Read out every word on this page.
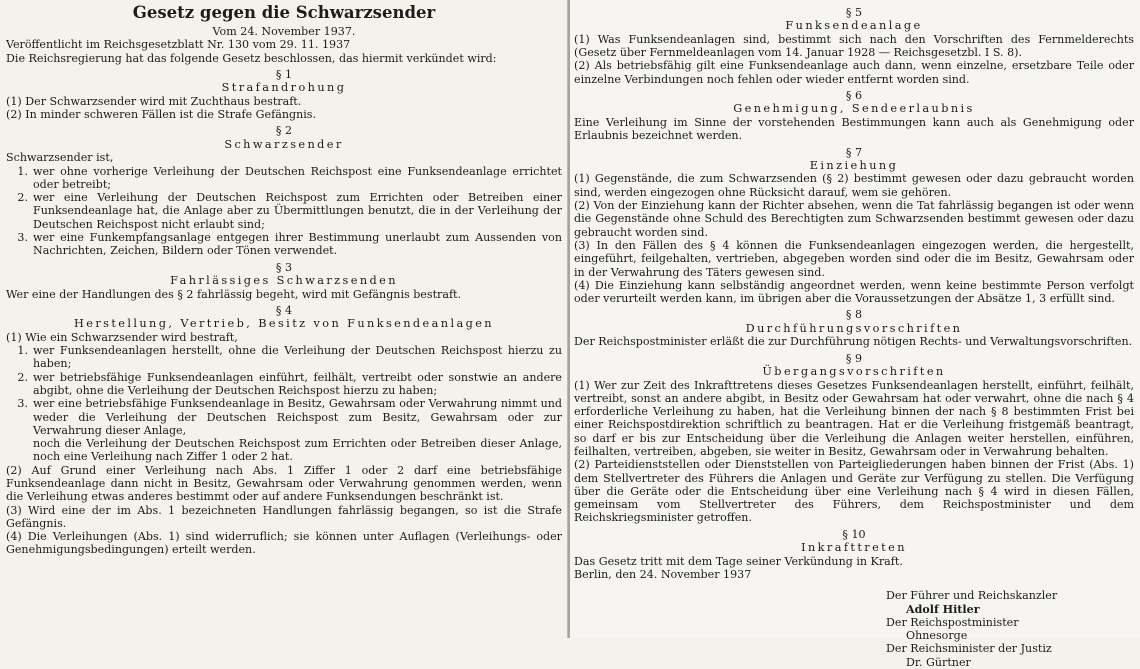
Gesetz gegen die Schwarzsender

Vom 24. November 1937.

Veröffentlicht im Reichsgesetzblatt Nr. 130 vom 29. 11. 1937

Die Reichsregierung hat das folgende Gesetz beschlossen, das hiermit verkündet wird:

§ 1
Strafandrohung

(1) Der Schwarzsender wird mit Zuchthaus bestraft.

(2) In minder schweren Fällen ist die Strafe Gefängnis.

§ 2
Schwarzsender

Schwarzsender ist,

1. wer ohne vorherige Verleihung der Deutschen Reichspost eine Funksendeanlage errichtet oder betreibt;
2. wer eine Verleihung der Deutschen Reichspost zum Errichten oder Betreiben einer Funksendeanlage hat, die Anlage aber zu Übermittlungen benutzt, die in der Verleihung der Deutschen Reichspost nicht erlaubt sind;
3. wer eine Funkempfangsanlage entgegen ihrer Bestimmung unerlaubt zum Aussenden von Nachrichten, Zeichen, Bildern oder Tönen verwendet.
§ 3
Fahrlässiges Schwarzsenden

Wer eine der Handlungen des § 2 fahrlässig begeht, wird mit Gefängnis bestraft.

§ 4
Herstellung, Vertrieb, Besitz von Funksendeanlagen

(1) Wie ein Schwarzsender wird bestraft,

1. wer Funksendeanlagen herstellt, ohne die Verleihung der Deutschen Reichspost hierzu zu haben;
2. wer betriebsfähige Funksendeanlagen einführt, feilhält, vertreibt oder sonstwie an andere abgibt, ohne die Verleihung der Deutschen Reichspost hierzu zu haben;
3. wer eine betriebsfähige Funksendeanlage in Besitz, Gewahrsam oder Verwahrung nimmt und weder die Verleihung der Deutschen Reichspost zum Besitz, Gewahrsam oder zur Verwahrung dieser Anlage,

noch die Verleihung der Deutschen Reichspost zum Errichten oder Betreiben dieser Anlage, noch eine Verleihung nach Ziffer 1 oder 2 hat.

(2) Auf Grund einer Verleihung nach Abs. 1 Ziffer 1 oder 2 darf eine betriebsfähige Funksendeanlage dann nicht in Besitz, Gewahrsam oder Verwahrung genommen werden, wenn die Verleihung etwas anderes bestimmt oder auf andere Funksendungen beschränkt ist.

(3) Wird eine der im Abs. 1 bezeichneten Handlungen fahrlässig begangen, so ist die Strafe Gefängnis.

(4) Die Verleihungen (Abs. 1) sind widerruflich; sie können unter Auflagen (Verleihungs- oder Genehmigungsbedingungen) erteilt werden.

§ 5
Funksendeanlage

(1) Was Funksendeanlagen sind, bestimmt sich nach den Vorschriften des Fernmelderechts (Gesetz über Fernmeldeanlagen vom 14. Januar 1928 — Reichsgesetzbl. I S. 8).

(2) Als betriebsfähig gilt eine Funksendeanlage auch dann, wenn einzelne, ersetzbare Teile oder einzelne Verbindungen noch fehlen oder wieder entfernt worden sind.

§ 6
Genehmigung, Sendeerlaubnis

Eine Verleihung im Sinne der vorstehenden Bestimmungen kann auch als Genehmigung oder Erlaubnis bezeichnet werden.

§ 7
Einziehung

(1) Gegenstände, die zum Schwarzsenden (§ 2) bestimmt gewesen oder dazu gebraucht worden sind, werden eingezogen ohne Rücksicht darauf, wem sie gehören.

(2) Von der Einziehung kann der Richter absehen, wenn die Tat fahrlässig begangen ist oder wenn die Gegenstände ohne Schuld des Berechtigten zum Schwarzsenden bestimmt gewesen oder dazu gebraucht worden sind.

(3) In den Fällen des § 4 können die Funksendeanlagen eingezogen werden, die hergestellt, eingeführt, feilgehalten, vertrieben, abgegeben worden sind oder die im Besitz, Gewahrsam oder in der Verwahrung des Täters gewesen sind.

(4) Die Einziehung kann selbständig angeordnet werden, wenn keine bestimmte Person verfolgt oder verurteilt werden kann, im übrigen aber die Voraussetzungen der Absätze 1, 3 erfüllt sind.

§ 8
Durchführungsvorschriften

Der Reichspostminister erläßt die zur Durchführung nötigen Rechts- und Verwaltungsvorschriften.

§ 9
Übergangsvorschriften

(1) Wer zur Zeit des Inkrafttretens dieses Gesetzes Funksendeanlagen herstellt, einführt, feilhält, vertreibt, sonst an andere abgibt, in Besitz oder Gewahrsam hat oder verwahrt, ohne die nach § 4 erforderliche Verleihung zu haben, hat die Verleihung binnen der nach § 8 bestimmten Frist bei einer Reichspostdirektion schriftlich zu beantragen. Hat er die Verleihung fristgemäß beantragt, so darf er bis zur Entscheidung über die Verleihung die Anlagen weiter herstellen, einführen, feilhalten, vertreiben, abgeben, sie weiter in Besitz, Gewahrsam oder in Verwahrung behalten.

(2) Parteidienststellen oder Dienststellen von Parteigliederungen haben binnen der Frist (Abs. 1) dem Stellvertreter des Führers die Anlagen und Geräte zur Verfügung zu stellen. Die Verfügung über die Geräte oder die Entscheidung über eine Verleihung nach § 4 wird in diesen Fällen, gemeinsam vom Stellvertreter des Führers, dem Reichspostminister und dem Reichskriegsminister getroffen.

§ 10
Inkrafttreten

Das Gesetz tritt mit dem Tage seiner Verkündung in Kraft.

Berlin, den 24. November 1937

Der Führer und Reichskanzler
Adolf Hitler
Der Reichspostminister
Ohnesorge
Der Reichsminister der Justiz
Dr. Gürtner
